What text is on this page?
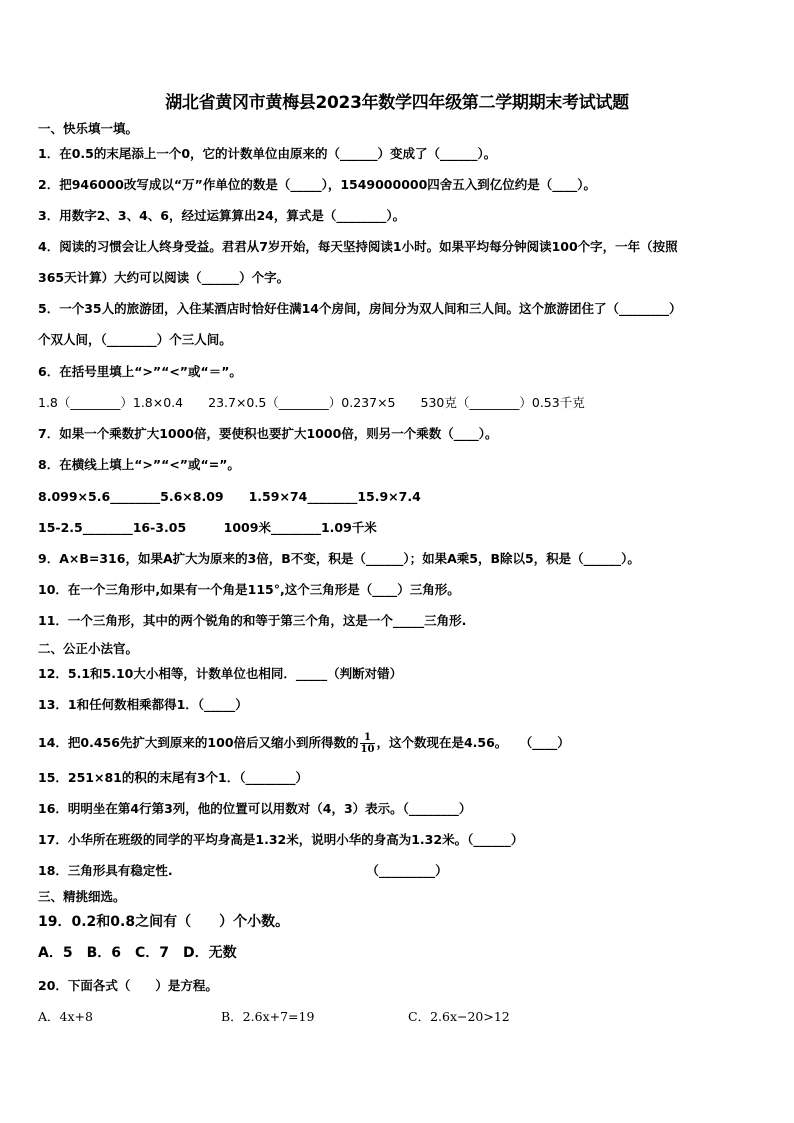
湖北省黄冈市黄梅县2023年数学四年级第二学期期末考试试题
一、快乐填一填。
1．在0.5的末尾添上一个0，它的计数单位由原来的（______）变成了（______）。
2．把946000改写成以“万”作单位的数是（_____），1549000000四舍五入到亿位约是（____）。
3．用数字2、3、4、6，经过运算算出24，算式是（________）。
4．阅读的习惯会让人终身受益。君君从7岁开始，每天坚持阅读1小时。如果平均每分钟阅读100个字，一年（按照
365天计算）大约可以阅读（______）个字。
5．一个35人的旅游团，入住某酒店时恰好住满14个房间，房间分为双人间和三人间。这个旅游团住了（________）
个双人间，（________）个三人间。
6．在括号里填上“>”“<”或“＝”。
1.8（________）1.8×0.4　　23.7×0.5（________）0.237×5　　530克（________）0.53千克
7．如果一个乘数扩大1000倍，要使积也要扩大1000倍，则另一个乘数（____）。
8．在横线上填上“>”“<”或“=”。
8.099×5.6________5.6×8.09　　1.59×74________15.9×7.4
15-2.5________16-3.05　　　1009米________1.09千米
9．A×B=316，如果A扩大为原来的3倍，B不变，积是（______）；如果A乘5，B除以5，积是（______）。
10．在一个三角形中,如果有一个角是115°,这个三角形是（____）三角形。
11．一个三角形，其中的两个锐角的和等于第三个角，这是一个_____三角形.
二、公正小法官。
12．5.1和5.10大小相等，计数单位也相同．_____（判断对错）
13．1和任何数相乘都得1．（_____）
14．把0.456先扩大到原来的100倍后又缩小到所得数的 $\frac{1}{10}$ ，这个数现在是4.56。　　（____）
15．251×81的积的末尾有3个1．（________）
16．明明坐在第4行第3列，他的位置可以用数对（4，3）表示。（________）
17．小华所在班级的同学的平均身高是1.32米，说明小华的身高为1.32米。（______）
18．三角形具有稳定性.　　　　　　　　　　　　　　　　（_________）
三、精挑细选。
19．0.2和0.8之间有（　　）个小数。
A．5　B．6　C．7　D．无数
20．下面各式（　　）是方程。
A．4x+8	B．2.6x+7=19	C．2.6x−20>12
